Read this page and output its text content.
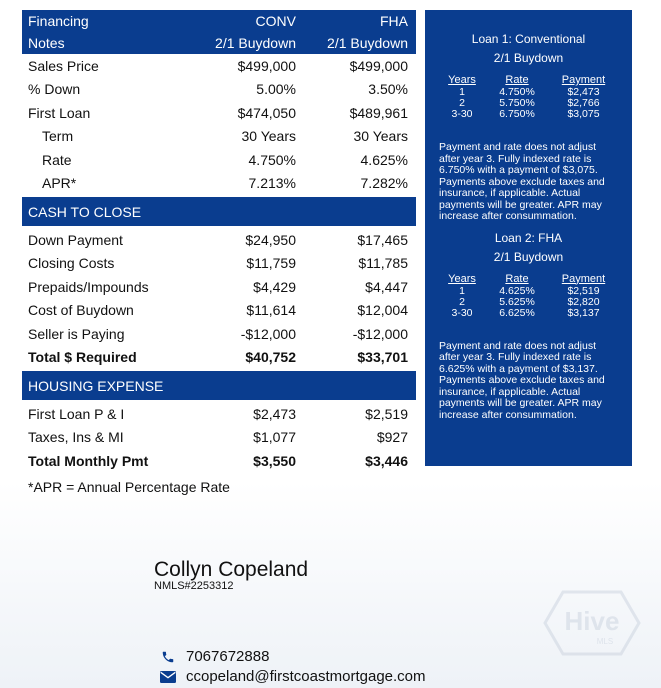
Financing	CONV	FHA
Notes	2/1 Buydown	2/1 Buydown
Sales Price	$499,000	$499,000
% Down	5.00%	3.50%
First Loan	$474,050	$489,961
Term	30 Years	30 Years
Rate	4.750%	4.625%
APR*	7.213%	7.282%
CASH TO CLOSE
Down Payment	$24,950	$17,465
Closing Costs	$11,759	$11,785
Prepaids/Impounds	$4,429	$4,447
Cost of Buydown	$11,614	$12,004
Seller is Paying	-$12,000	-$12,000
Total $ Required	$40,752	$33,701
HOUSING EXPENSE
First Loan P & I	$2,473	$2,519
Taxes, Ins & MI	$1,077	$927
Total Monthly Pmt	$3,550	$3,446
*APR = Annual Percentage Rate
Loan 1: Conventional
2/1 Buydown
Years	Rate	Payment
1	4.750%	$2,473
2	5.750%	$2,766
3-30	6.750%	$3,075
Payment and rate does not adjust after year 3. Fully indexed rate is 6.750% with a payment of $3,075. Payments above exclude taxes and insurance, if applicable. Actual payments will be greater. APR may increase after consummation.
Loan 2: FHA
2/1 Buydown
Years	Rate	Payment
1	4.625%	$2,519
2	5.625%	$2,820
3-30	6.625%	$3,137
Payment and rate does not adjust after year 3. Fully indexed rate is 6.625% with a payment of $3,137. Payments above exclude taxes and insurance, if applicable. Actual payments will be greater. APR may increase after consummation.
Collyn Copeland
NMLS#2253312
7067672888
ccopeland@firstcoastmortgage.com
Hive
MLS
